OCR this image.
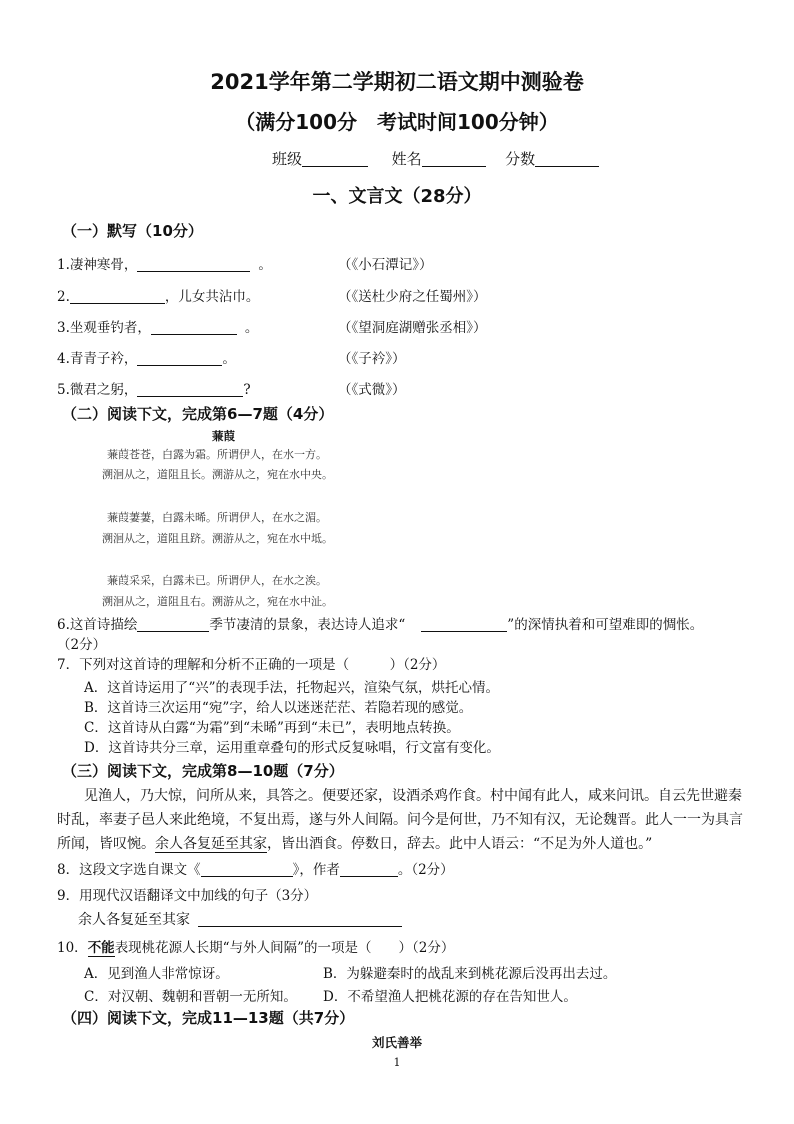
2021学年第二学期初二语文期中测验卷
（满分100分　考试时间100分钟）
班级	姓名	分数
一、文言文（28分）
（一）默写（10分）
1.凄神寒骨，	。	（《小石潭记》）
2.	，儿女共沾巾。	（《送杜少府之任蜀州》）
3.坐观垂钓者，	。	（《望洞庭湖赠张丞相》）
4.青青子衿，	。	（《子衿》）
5.微君之躬，	?	（《式微》）
（二）阅读下文，完成第6—7题（4分）
蒹葭
蒹葭苍苍，白露为霜。所谓伊人，在水一方。
溯洄从之，道阻且长。溯游从之，宛在水中央。
蒹葭萋萋，白露未晞。所谓伊人，在水之湄。
溯洄从之，道阻且跻。溯游从之，宛在水中坻。
蒹葭采采，白露未已。所谓伊人，在水之涘。
溯洄从之，道阻且右。溯游从之，宛在水中沚。
6.这首诗描绘	季节凄清的景象，表达诗人追求“	”的深情执着和可望难即的惆怅。
（2分）
7．下列对这首诗的理解和分析不正确的一项是（　　　）（2分）
A．这首诗运用了“兴”的表现手法，托物起兴，渲染气氛，烘托心情。
B．这首诗三次运用“宛”字，给人以迷迷茫茫、若隐若现的感觉。
C．这首诗从白露“为霜”到“未晞”再到“未已”，表明地点转换。
D．这首诗共分三章，运用重章叠句的形式反复咏唱，行文富有变化。
（三）阅读下文，完成第8—10题（7分）
见渔人，乃大惊，问所从来，具答之。便要还家，设酒杀鸡作食。村中闻有此人，咸来问讯。自云先世避秦
时乱，率妻子邑人来此绝境，不复出焉，遂与外人间隔。问今是何世，乃不知有汉，无论魏晋。此人一一为具言
所闻，皆叹惋。余人各复延至其家，皆出酒食。停数日，辞去。此中人语云：“不足为外人道也。”
8．这段文字选自课文《	》，作者	。（2分）
9．用现代汉语翻译文中加线的句子（3分）
余人各复延至其家
10．不能表现桃花源人长期“与外人间隔”的一项是（　　）（2分）
A．见到渔人非常惊讶。	B．为躲避秦时的战乱来到桃花源后没再出去过。
C．对汉朝、魏朝和晋朝一无所知。 D．不希望渔人把桃花源的存在告知世人。
（四）阅读下文，完成11—13题（共7分）
刘氏善举
1
